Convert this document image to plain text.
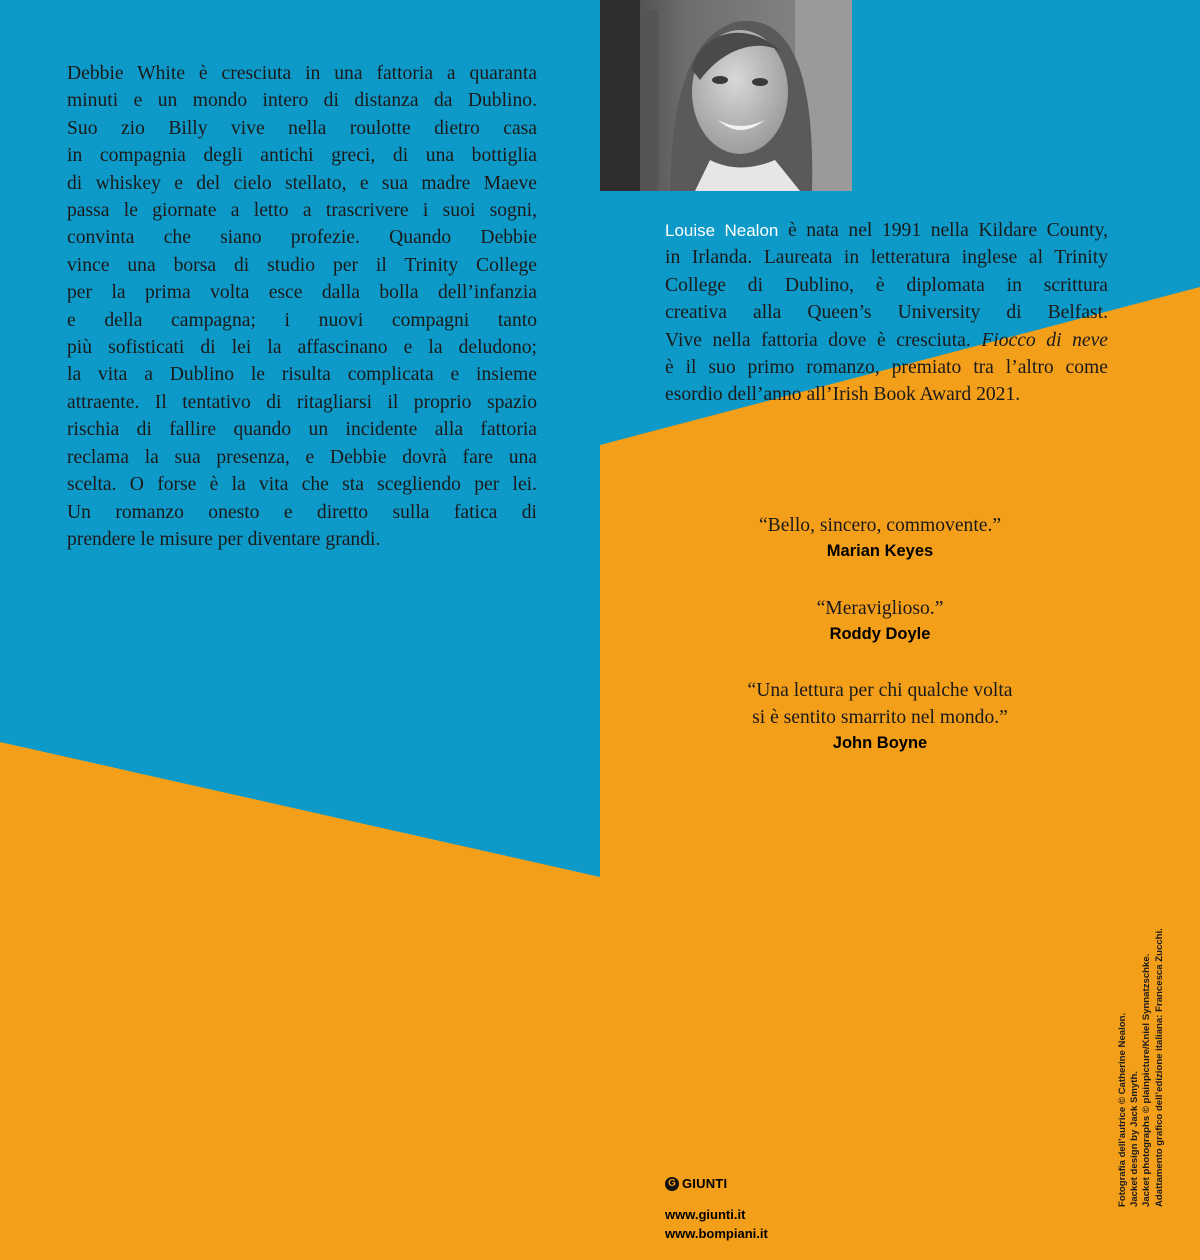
Debbie White è cresciuta in una fattoria a quaranta
minuti e un mondo intero di distanza da Dublino.
Suo zio Billy vive nella roulotte dietro casa
in compagnia degli antichi greci, di una bottiglia
di whiskey e del cielo stellato, e sua madre Maeve
passa le giornate a letto a trascrivere i suoi sogni,
convinta che siano profezie. Quando Debbie
vince una borsa di studio per il Trinity College
per la prima volta esce dalla bolla dell’infanzia
e della campagna; i nuovi compagni tanto
più sofisticati di lei la affascinano e la deludono;
la vita a Dublino le risulta complicata e insieme
attraente. Il tentativo di ritagliarsi il proprio spazio
rischia di fallire quando un incidente alla fattoria
reclama la sua presenza, e Debbie dovrà fare una
scelta. O forse è la vita che sta scegliendo per lei.
Un romanzo onesto e diretto sulla fatica di
prendere le misure per diventare grandi.
Louise Nealon è nata nel 1991 nella Kildare County,
in Irlanda. Laureata in letteratura inglese al Trinity
College di Dublino, è diplomata in scrittura
creativa alla Queen’s University di Belfast.
Vive nella fattoria dove è cresciuta. Fiocco di neve
è il suo primo romanzo, premiato tra l’altro come
esordio dell’anno all’Irish Book Award 2021.
“Bello, sincero, commovente.”
Marian Keyes
“Meraviglioso.”
Roddy Doyle
“Una lettura per chi qualche volta
si è sentito smarrito nel mondo.”
John Boyne
G GIUNTI
www.giunti.it
www.bompiani.it
Fotografia dell’autrice © Catherine Nealon. Jacket design by Jack Smyth. Jacket photographs © plainpicture/Kniel Synnatzschke. Adattamento grafico dell’edizione italiana: Francesca Zucchi.
